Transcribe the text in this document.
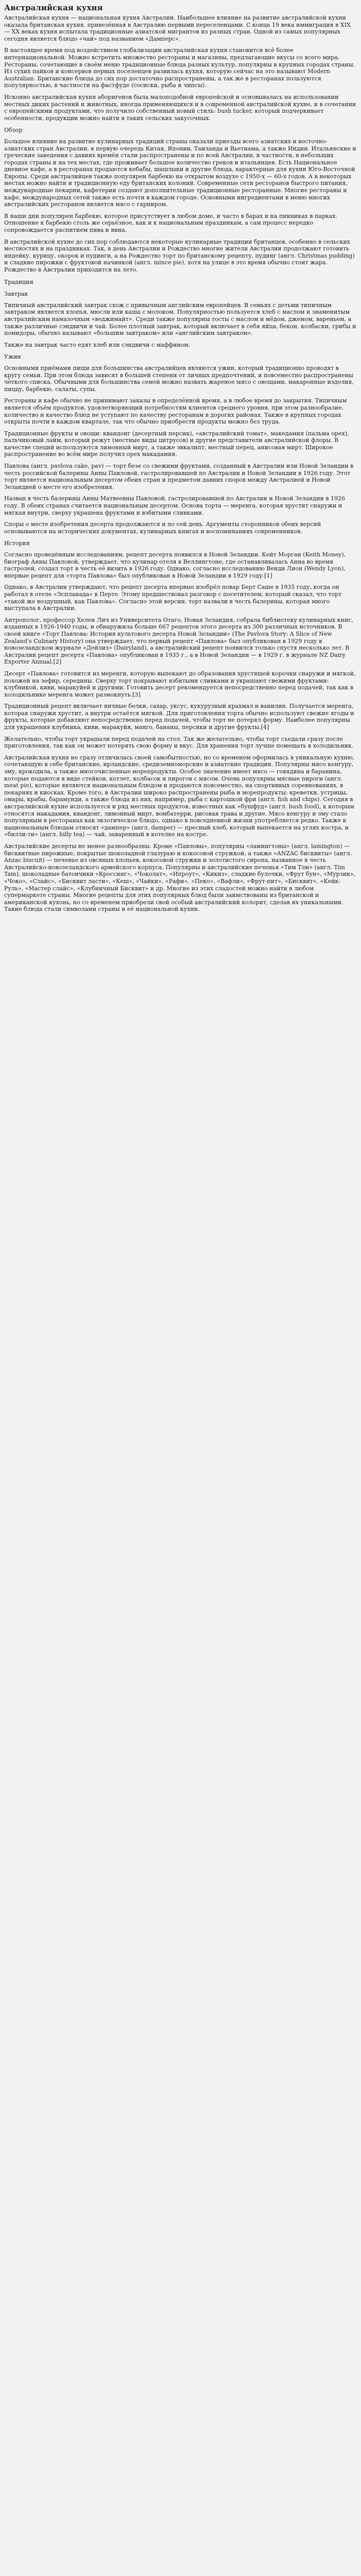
Австралийская кухня

Австралийская кухня — национальная кухня Австралии. Наибольшее влияние на развитие австралийской кухни оказала британская кухня, привезённая в Австралию первыми переселенцами. С конца 19 века иммиграция в XIX — XX веках кухня испытала традиционные азиатской мигрантов из разных стран. Одной из самых популярных сегодня является блюдо «чай» под названием «Дамперс».

В настоящее время под воздействием глобализации австралийская кухня становится всё более интернациональной. Можно встретить множество рестораны и магазины, предлагающие вкусы со всего мира. Рестораны, сочетающие в своём меню традиционные блюда разных культур, популярны в крупных городах страны. Из сухих пайков и консервов первых поселенцев развилась кухня, которую сейчас на это называют Modern Australian. Британские блюда до сих пор достаточно распространены, а так же в ресторанах пользуются популярностью, в частности на фастфуде (сосиски, рыба и чипсы).

Исконно австралийская кухня аборигенов была малоподобной европейской и основывалась на использовании местных диких растений и животных, иногда применяющихся и в современной австралийской кухне, и в сочетании с европейскими продуктами, что получило собственный новый стиль: bush tucker, который подчеркивает особенности, продукции можно найти в таких сельских закусочных.

Обзор

Большое влияние на развитие кулинарных традиций страны оказали приезды всего азиатских и восточно-азиатских стран Австралии, в первую очередь Китая, Японии, Таиланда и Вьетнама, а также Индии. Итальянские и греческие заведения с давних времён стали распространены и по всей Австралии, в частности, в небольших городах страны и на тех местах, где проживает большое количество греков и итальянцев. Есть Национальное дневное кафе, а в ресторанах продаются кебабы, шашлыки и другие блюда, характерные для кухни Юго-Восточной Европы. Среди австралийцев также популярен барбекю на открытом воздухе с 1950-х — 60-х годов. А в некоторых местах можно найти и традиционную еду британских колоний. Современные сети ресторанов быстрого питания, международные пекарни, кафетерии создают дополнительные традиционные ресторанные. Многие рестораны и кафе, международных сетей также есть почти в каждом городе. Основными ингредиентами в меню многих австралийских ресторанов является мясо с гарниром.

В наши дни популярен барбекю, которое присутствует в любом доме, и часто в барах и на пикниках в парках. Отношение к барбекю столь же серьёзное, как и к национальным праздникам, а сам процесс нередко сопровождается распитием пива и вина.

В австралийской кухне до сих пор соблюдаются некоторые кулинарные традиции британцев, особенно в сельских местностях и на праздниках. Так, в день Австралии и Рождество многие жители Австралии продолжают готовить индейку, курицу, окорок и пудинги, а на Рождество торт по британскому рецепту, пудинг (англ. Christmas pudding) и сладкие пирожки с фруктовой начинкой (англ. mince pie), хотя на улице в это время обычно стоит жара. Рождество в Австралии приходится на лето.

Традиции

Завтрак

Типичный австралийский завтрак схож с привычным английским европейцев. В семьях с детьми типичным завтраком является хлопья, мюсли или каша с молоком. Популярностью пользуется хлеб с маслом и знаменитым австралийским намазочным «веджимайт». Среди также популярны тосты с маслом и мёдом, джемом, вареньем, а также различные сэндвичи и чай. Более плотный завтрак, который включает в себя яйца, бекон, колбаски, грибы и помидоры, обычно называют «большим завтраком» или «английским завтраком».

Также на завтрак часто едят хлеб или сэндвичи с маффином.

Ужин

Основными приёмами пищи для большинства австралийцев являются ужин, который традиционно проводят в кругу семьи. При этом блюда зависят в большей степени от личных предпочтений, и повсеместно распространены чёткого списка. Обычными для большинства семей можно назвать жареное мясо с овощами, макаронные изделия, пиццу, барбекю, салаты, супы.

Рестораны и кафе обычно не принимают заказы в определённой время, а в любое время до закрытия. Типичным является объём продуктов, удовлетворяющий потребностям клиентов среднего уровня, при этом разнообразие, количество и качество блюд не уступают по качеству ресторанам в дорогих районах. Также в крупных городах открыты почти в каждом квартале, так что обычно приобрести продукты можно без труда.

Традиционные фрукты и овощи: квандонг (десертный персик), «австралийский томат», македамия (пальма орех), пальчиковый лайм, который режут (местные виды цитрусов) и другие представители австралийской флоры. В качестве специй используются лимонный мирт, а также эвкалипт, местный перец, анисовая мирт. Широкое распространение во всём мире получил орех макадамия.

Павлова (англ. pavlova cake, pav) — торт безе со свежими фруктами, созданный в Австралии или Новой Зеландии в честь российской балерины Анны Павловой, гастролировавшей по Австралии и Новой Зеландии в 1926 году. Этот торт является национальным десертом обеих стран и предметом давних споров между Австралией и Новой Зеландией о месте его изобретения.

Назван в честь балерины Анны Матвеевны Павловой, гастролировавшей по Австралии и Новой Зеландии в 1926 году. В обеих странах считается национальным десертом. Основа торта — меренга, которая хрустит снаружи и мягкая внутри, сверху украшена фруктами и взбитыми сливками.

Споры о месте изобретения десерта продолжаются и по сей день. Аргументы сторонников обеих версий основываются на исторических документах, кулинарных книгах и воспоминаниях современников.

История

Согласно проведённым исследованиям, рецепт десерта появился в Новой Зеландии. Кейт Морган (Keith Money), биограф Анны Павловой, утверждает, что кулинар отеля в Веллингтоне, где останавливалась Анна во время гастролей, создал торт в честь её визита в 1926 году. Однако, согласно исследованию Венди Лион (Wendy Lyon), впервые рецепт для «торта Павлова» был опубликован в Новой Зеландии в 1929 году.[1]

Однако, в Австралии утверждают, что рецепт десерта впервые изобрёл повар Берт Саше в 1935 году, когда он работал в отеле «Эспланада» в Перте. Этому предшествовал разговор с посетителем, который сказал, что торт «такой же воздушный, как Павлова». Согласно этой версии, торт назвали в честь балерины, которая много выступала в Австралии.

Антрополог, профессор Хелен Лич из Университета Отаго, Новая Зеландия, собрала библиотеку кулинарных книг, изданных в 1926-1940 годы, и обнаружила больше 667 рецептов этого десерта из 300 различных источников. В своей книге «Торт Павлова: История культового десерта Новой Зеландии» (The Pavlova Story: A Slice of New Zealand's Culinary History) она утверждает, что первый рецепт «Павлова» был опубликован в 1929 году в новозеландском журнале «Дейлиз» (Dairyland), а австралийский рецепт появился только спустя несколько лет. В Австралии рецепт десерта «Павлова» опубликован в 1935 г., а в Новой Зеландии — в 1929 г. в журнале NZ Dairy Exporter Annual.[2]

Десерт «Павлова» готовится из меренги, которую выпекают до образования хрустящей корочки снаружи и мягкой, похожей на зефир, середины. Сверху торт покрывают взбитыми сливками и украшают свежими фруктами: клубникой, киви, маракуйей и другими. Готовить десерт рекомендуется непосредственно перед подачей, так как в холодильнике меренга может размокнуть.[3]

Традиционный рецепт включает яичные белки, сахар, уксус, кукурузный крахмал и ванилин. Получается меренга, которая снаружи хрустит, а внутри остаётся мягкой. Для приготовления торта обычно используют свежие ягоды и фрукты, которые добавляют непосредственно перед подачей, чтобы торт не потерял форму. Наиболее популярны для украшения клубника, киви, маракуйя, манго, бананы, персики и другие фрукты.[4]

Желательно, чтобы торт украшали перед подачей на стол. Так же желательно, чтобы торт съедали сразу после приготовления, так как он может потерять свою форму и вкус. Для хранения торт лучше помещать в холодильник.

Австралийская кухня не сразу отличилась своей самобытностью, но со временем оформилась в уникальную кухню, сочетающую в себе британские, ирландские, средиземноморские и азиатские традиции. Популярны мясо кенгуру, эму, крокодила, а также многочисленные морепродукты. Особое значение имеет мясо — говядина и баранина, которые подаются в виде стейков, котлет, колбасок и пирогов с мясом. Очень популярны мясные пироги (англ. meat pie), которые являются национальным блюдом и продаются повсеместно, на спортивных соревнованиях, в пекарнях и киосках. Кроме того, в Австралии широко распространены рыба и морепродукты: креветки, устрицы, омары, крабы, барамунди, а также блюда из них, например, рыба с картошкой фри (англ. fish and chips). Сегодня в австралийской кухне используется и ряд местных продуктов, известных как «бушфуд» (англ. bush food), к которым относятся макадамия, квандонг, лимонный мирт, вомбатерри, рисовая трава и другие. Мясо кенгуру и эму стало популярным в ресторанах как экзотическое блюдо, однако в повседневной жизни употребляется редко. Также к национальным блюдам относят «дампер» (англ. damper) — пресный хлеб, который выпекается на углях костра, и «билли-ти» (англ. billy tea) — чай, заваренный в котелке на костре.

Австралийские десерты не менее разнообразны. Кроме «Павловы», популярны «ламингтоны» (англ. lamington) — бисквитные пирожные, покрытые шоколадной глазурью и кокосовой стружкой, а также «ANZAC бисквиты» (англ. Anzac biscuit) — печенье из овсяных хлопьев, кокосовой стружки и золотистого сиропа, названное в честь Австралийско-новозеландского армейского корпуса. Популярны и австралийские печенья «Тим Тэм» (англ. Tim Tam), шоколадные батончики «Кроссинг», «Чоколат», «Ипроут», «Кикиз», сладкие булочки, «Фрут бун», «Мурзик», «Чоко», «Слайс», «Бисквит ласти», «Кеш», «Чайки», «Рафи», «Пеко», «Вафли», «Фрут-пит», «Бисквит», «Кейк-Руль», «Мастер слайс», «Клубничный Бисквит» и др. Многие из этих сладостей можно найти в любом супермаркете страны. Многие рецепты для этих популярных блюд были заимствованы из британской и американской кухонь, но со временем приобрели свой особый австралийский колорит, сделав их уникальными. Такие блюда стали символами страны и её национальной кухни.
